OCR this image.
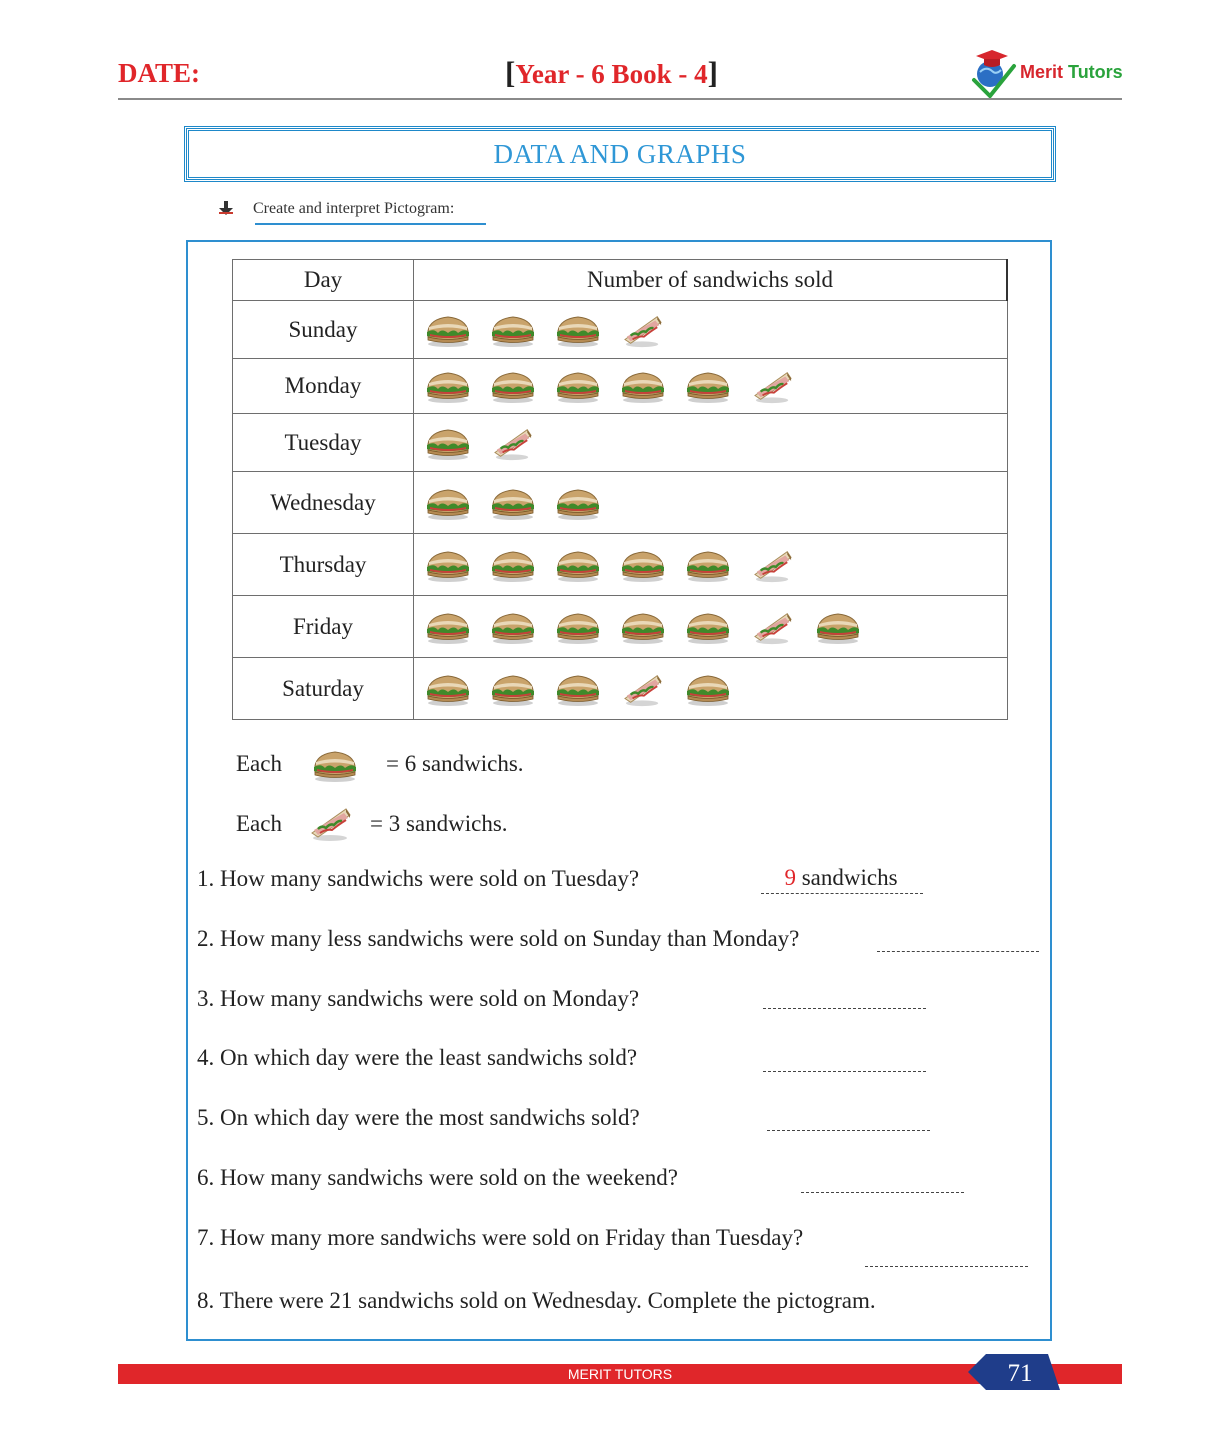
DATE:	[Year - 6 Book - 4]	Merit Tutors
DATA AND GRAPHS
Create and interpret Pictogram:
Day	Number of sandwichs sold
Sunday	

Monday	

Tuesday	

Wednesday	

Thursday	

Friday	

Saturday	
Each	= 6 sandwichs.
Each	= 3 sandwichs.
1. How many sandwichs were sold on Tuesday?	9 sandwichs
2. How many less sandwichs were sold on Sunday than Monday?
3. How many sandwichs were sold on Monday?
4. On which day were the least sandwichs sold?
5. On which day were the most sandwichs sold?
6. How many sandwichs were sold on the weekend?
7. How many more sandwichs were sold on Friday than Tuesday?
8. There were 21 sandwichs sold on Wednesday. Complete the pictogram.
MERIT TUTORS	71
